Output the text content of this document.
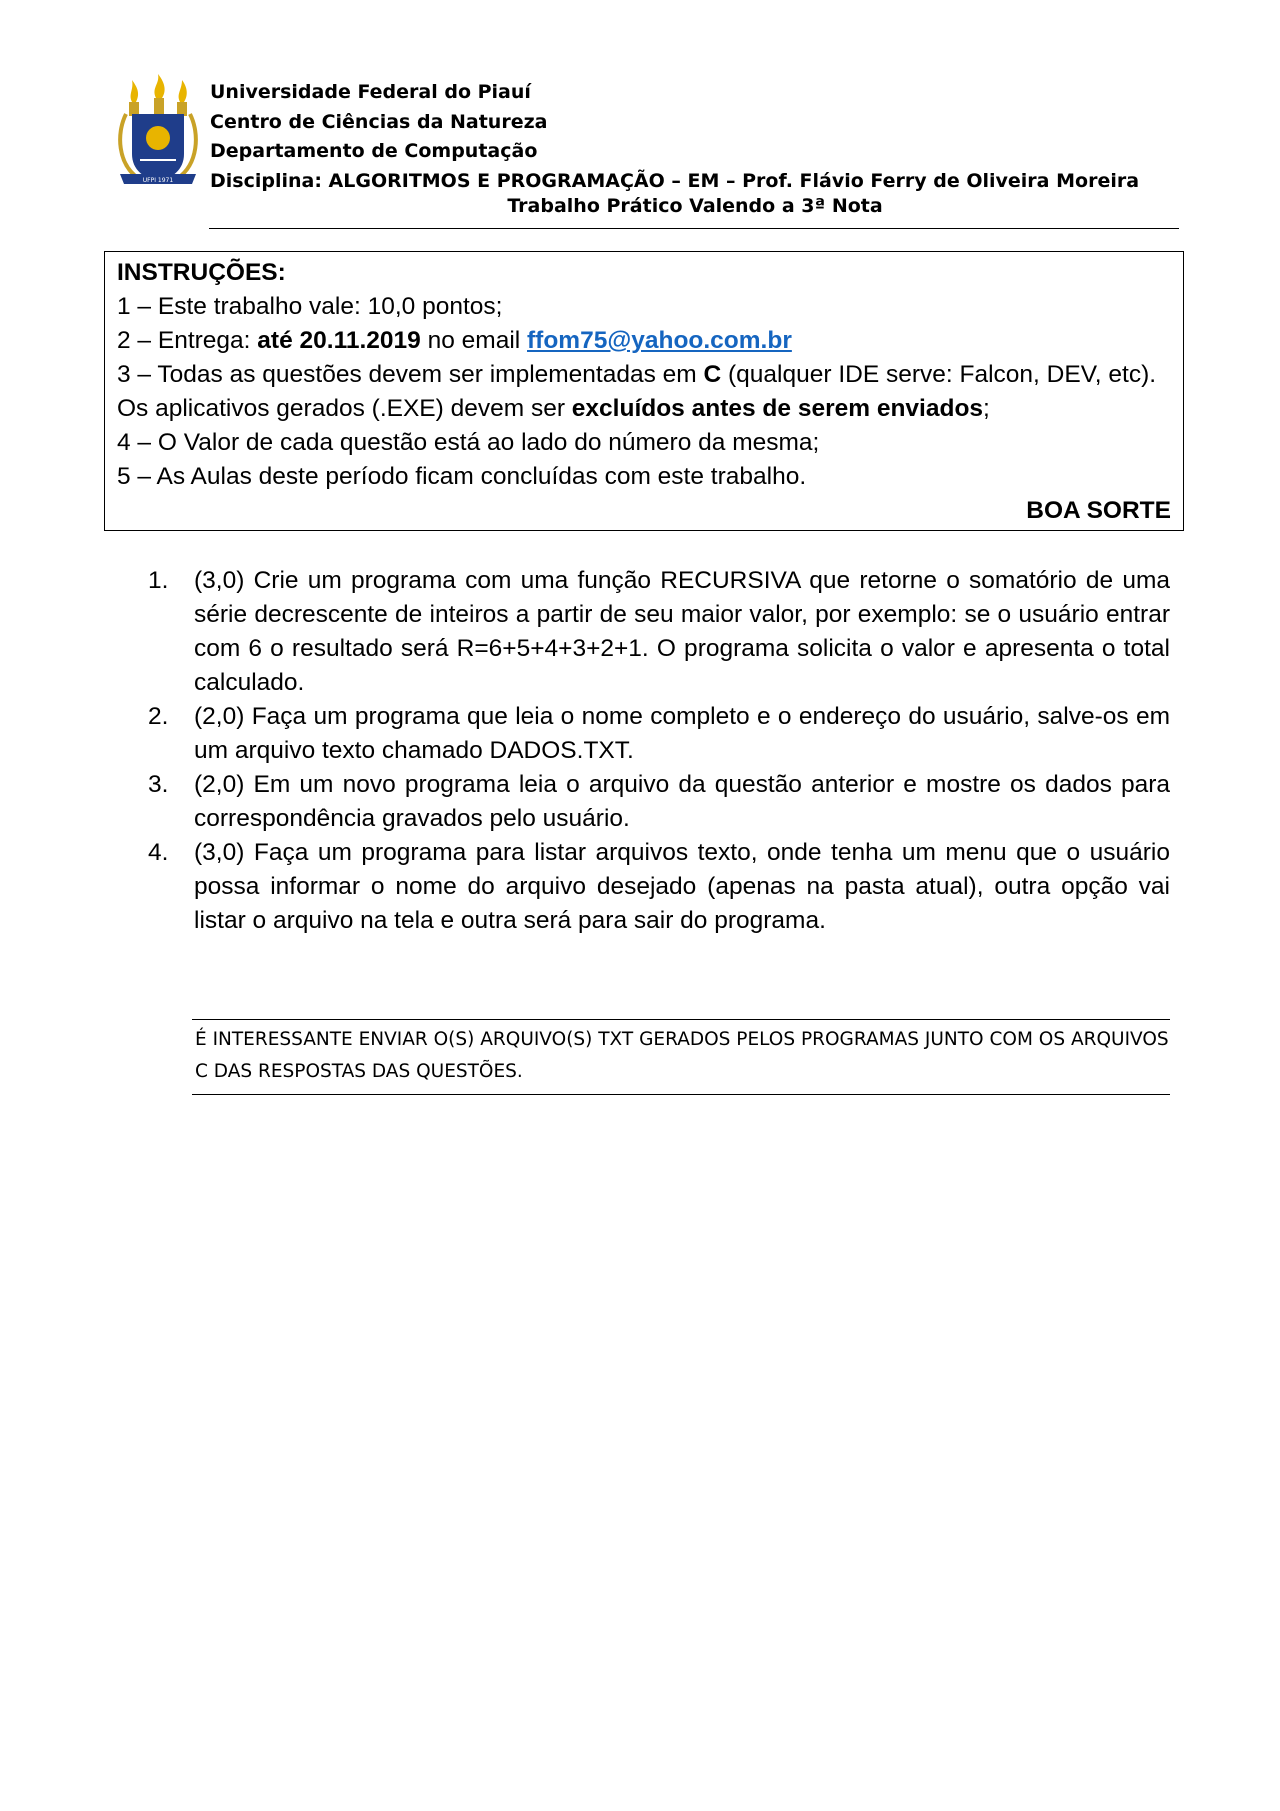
UFPI 1971
Universidade Federal do Piauí
Centro de Ciências da Natureza
Departamento de Computação
Disciplina: ALGORITMOS E PROGRAMAÇÃO – EM – Prof. Flávio Ferry de Oliveira Moreira
Trabalho Prático Valendo a 3ª Nota

INSTRUÇÕES:

1 – Este trabalho vale: 10,0 pontos;

2 – Entrega: até 20.11.2019 no email ffom75@yahoo.com.br

3 – Todas as questões devem ser implementadas em C (qualquer IDE serve: Falcon, DEV, etc). Os aplicativos gerados (.EXE) devem ser excluídos antes de serem enviados;

4 – O Valor de cada questão está ao lado do número da mesma;

5 – As Aulas deste período ficam concluídas com este trabalho.

BOA SORTE

1. (3,0) Crie um programa com uma função RECURSIVA que retorne o somatório de uma série decrescente de inteiros a partir de seu maior valor, por exemplo: se o usuário entrar com 6 o resultado será R=6+5+4+3+2+1. O programa solicita o valor e apresenta o total calculado.
2. (2,0) Faça um programa que leia o nome completo e o endereço do usuário, salve-os em um arquivo texto chamado DADOS.TXT.
3. (2,0) Em um novo programa leia o arquivo da questão anterior e mostre os dados para correspondência gravados pelo usuário.
4. (3,0) Faça um programa para listar arquivos texto, onde tenha um menu que o usuário possa informar o nome do arquivo desejado (apenas na pasta atual), outra opção vai listar o arquivo na tela e outra será para sair do programa.
É INTERESSANTE ENVIAR O(S) ARQUIVO(S) TXT GERADOS PELOS PROGRAMAS JUNTO COM OS ARQUIVOS C DAS RESPOSTAS DAS QUESTÕES.
